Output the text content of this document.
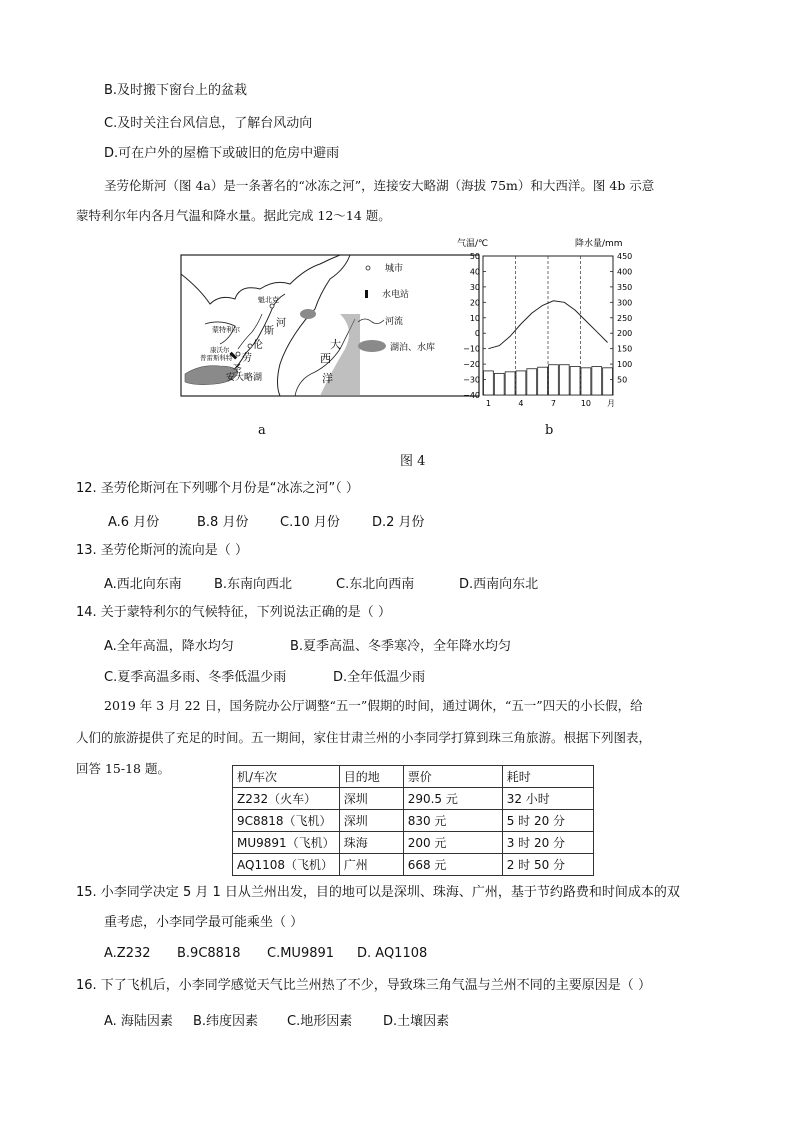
B.及时搬下窗台上的盆栽
C.及时关注台风信息，了解台风动向
D.可在户外的屋檐下或破旧的危房中避雨
圣劳伦斯河（图 4a）是一条著名的“冰冻之河”，连接安大略湖（海拔 75m）和大西洋。图 4b 示意
蒙特利尔年内各月气温和降水量。据此完成 12～14 题。
魁北克
蒙特利尔
康沃尔
普雷斯科特
安大略湖
河
斯
伦
劳
圣
大
西
洋
城市
水电站
河流
湖泊、水库
a
气温/℃	降水量/mm
50
40
30
20
10
0
−10
−20
−30
−40
450
400
350
300
250
200
150
100
50
1	4	7	10 月
b
图 4
12. 圣劳伦斯河在下列哪个月份是“冰冻之河”（ ）
A.6 月份	B.8 月份 C.10 月份 D.2 月份
13. 圣劳伦斯河的流向是（ ）
A.西北向东南 B.东南向西北	C.东北向西南	D.西南向东北
14. 关于蒙特利尔的气候特征，下列说法正确的是（ ）
A.全年高温，降水均匀	B.夏季高温、冬季寒冷，全年降水均匀
C.夏季高温多雨、冬季低温少雨	D.全年低温少雨
2019 年 3 月 22 日，国务院办公厅调整“五一”假期的时间，通过调休，“五一”四天的小长假，给
人们的旅游提供了充足的时间。五一期间，家住甘肃兰州的小李同学打算到珠三角旅游。根据下列图表，
回答 15-18 题。
机/车次	目的地	票价	耗时
Z232（火车）	深圳	290.5 元	32 小时
9C8818（飞机）	深圳	830 元	5 时 20 分
MU9891（飞机）	珠海	200 元	3 时 20 分
AQ1108（飞机）	广州	668 元	2 时 50 分
15. 小李同学决定 5 月 1 日从兰州出发，目的地可以是深圳、珠海、广州，基于节约路费和时间成本的双
重考虑，小李同学最可能乘坐（ ）
A.Z232 B.9C8818 C.MU9891 D. AQ1108
16. 下了飞机后，小李同学感觉天气比兰州热了不少，导致珠三角气温与兰州不同的主要原因是（ ）
A. 海陆因素 B.纬度因素 C.地形因素 D.土壤因素
